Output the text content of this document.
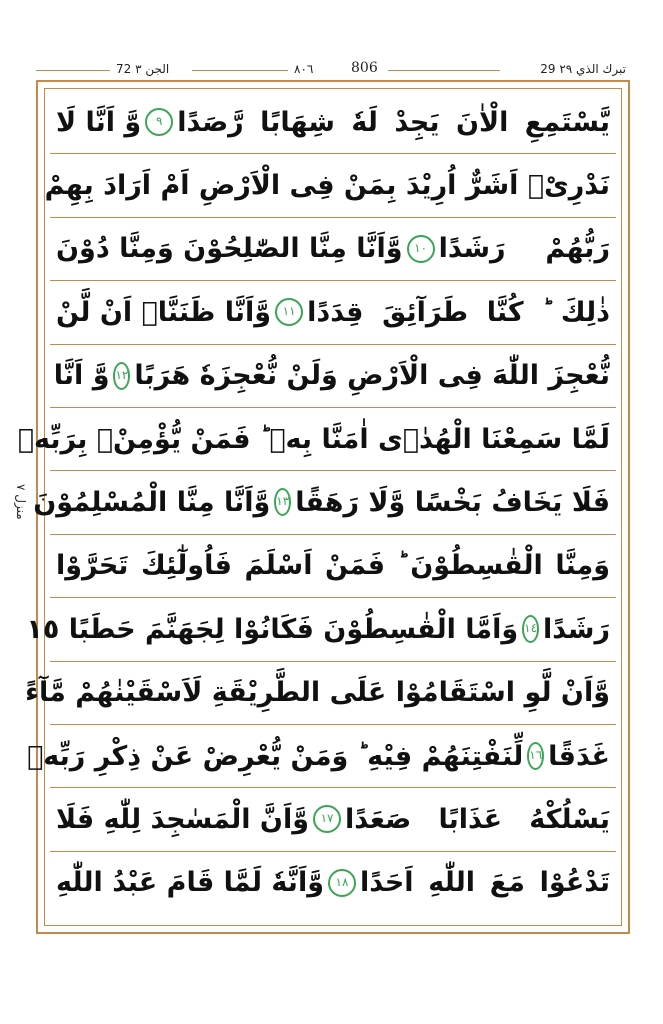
72 الجن ٣	٨٠٦	806	29 تبرك الذي ٢٩
منزل ٧
يَّسْتَمِعِ الْاٰنَ يَجِدْ لَهٗ شِهَابًا رَّصَدًا
٩
وَّ اَنَّا لَا
نَدْرِیْۤ اَشَرٌّ اُرِيْدَ بِمَنْ فِی الْاَرْضِ اَمْ اَرَادَ بِهِمْ
رَبُّهُمْ رَشَدًا
١٠
وَّاَنَّا مِنَّا الصّٰلِحُوْنَ وَمِنَّا دُوْنَ
ذٰلِكَ ؕ كُنَّا طَرَآئِقَ قِدَدًا
١١
وَّاَنَّا ظَنَنَّاۤ اَنْ لَّنْ
نُّعْجِزَ اللّٰهَ فِی الْاَرْضِ وَلَنْ نُّعْجِزَهٗ هَرَبًا
١٢
وَّ اَنَّا
لَمَّا سَمِعْنَا الْهُدٰۤى اٰمَنَّا بِهٖ ؕ فَمَنْ يُّؤْمِنْۢ بِرَبِّهٖ
فَلَا يَخَافُ بَخْسًا وَّلَا رَهَقًا
١٣
وَّاَنَّا مِنَّا الْمُسْلِمُوْنَ
وَمِنَّا الْقٰسِطُوْنَ ؕ فَمَنْ اَسْلَمَ فَاُولٰٓئِكَ تَحَرَّوْا
رَشَدًا
١٤
وَاَمَّا الْقٰسِطُوْنَ فَكَانُوْا لِجَهَنَّمَ حَطَبًا ١٥
وَّاَنْ لَّوِ اسْتَقَامُوْا عَلَى الطَّرِيْقَةِ لَاَسْقَيْنٰهُمْ مَّآءً
غَدَقًا
١٦
لِّنَفْتِنَهُمْ فِيْهِ ؕ وَمَنْ يُّعْرِضْ عَنْ ذِكْرِ رَبِّهٖ
يَسْلُكْهُ عَذَابًا صَعَدًا
١٧
وَّاَنَّ الْمَسٰجِدَ لِلّٰهِ فَلَا
تَدْعُوْا مَعَ اللّٰهِ اَحَدًا
١٨
وَّاَنَّهٗ لَمَّا قَامَ عَبْدُ اللّٰهِ
